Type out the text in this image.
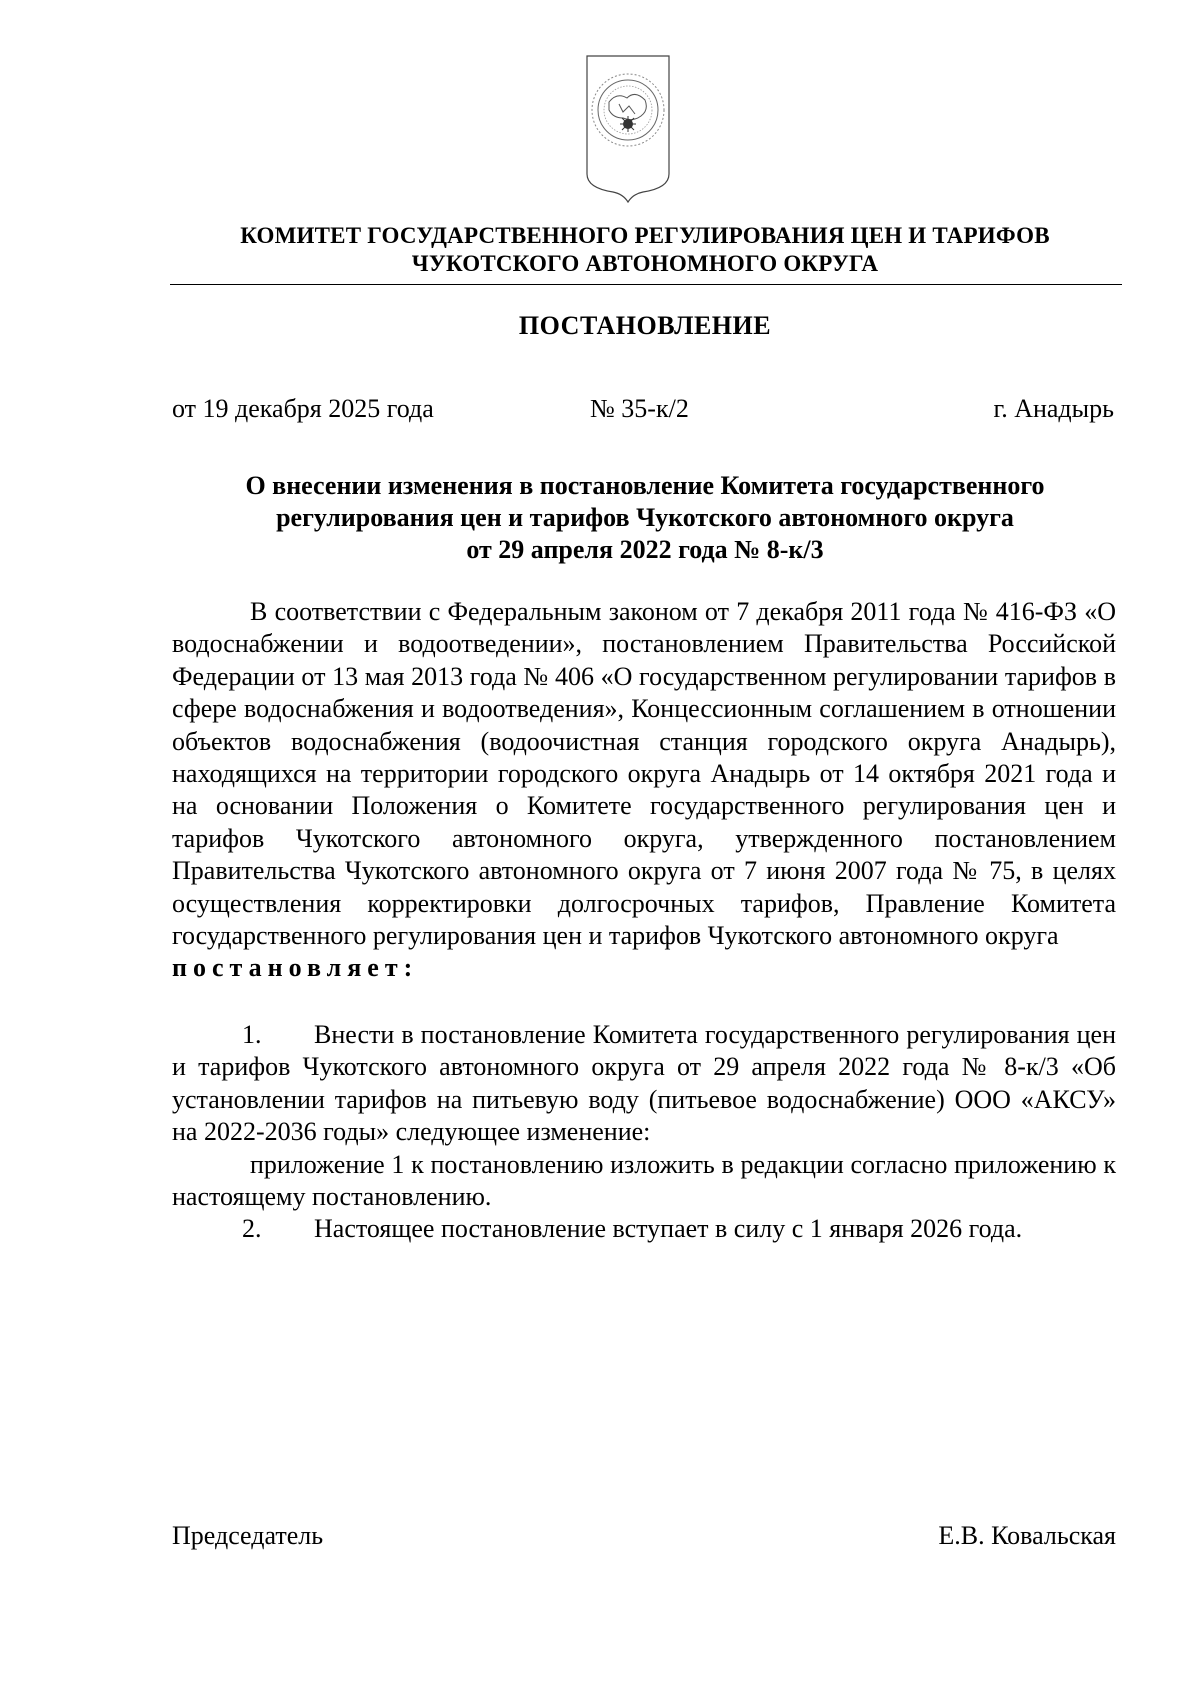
КОМИТЕТ ГОСУДАРСТВЕННОГО РЕГУЛИРОВАНИЯ ЦЕН И ТАРИФОВ
ЧУКОТСКОГО АВТОНОМНОГО ОКРУГА
ПОСТАНОВЛЕНИЕ
от 19 декабря 2025 года	№ 35-к/2	г. Анадырь
О внесении изменения в постановление Комитета государственного
регулирования цен и тарифов Чукотского автономного округа
от 29 апреля 2022 года № 8-к/3

В соответствии с Федеральным законом от 7 декабря 2011 года № 416-ФЗ «О водоснабжении и водоотведении», постановлением Правительства Российской Федерации от 13 мая 2013 года № 406 «О государственном регулировании тарифов в сфере водоснабжения и водоотведения», Концессионным соглашением в отношении объектов водоснабжения (водоочистная станция городского округа Анадырь), находящихся на территории городского округа Анадырь от 14 октября 2021 года и на основании Положения о Комитете государственного регулирования цен и тарифов Чукотского автономного округа, утвержденного постановлением Правительства Чукотского автономного округа от 7 июня 2007 года № 75, в целях осуществления корректировки долгосрочных тарифов, Правление Комитета государственного регулирования цен и тарифов Чукотского автономного округа

постановляет:

1. Внести в постановление Комитета государственного регулирования цен и тарифов Чукотского автономного округа от 29 апреля 2022 года № 8-к/3 «Об установлении тарифов на питьевую воду (питьевое водоснабжение) ООО «АКСУ» на 2022-2036 годы» следующее изменение:

приложение 1 к постановлению изложить в редакции согласно приложению к настоящему постановлению.

2. Настоящее постановление вступает в силу с 1 января 2026 года.

Председатель	Е.В. Ковальская
